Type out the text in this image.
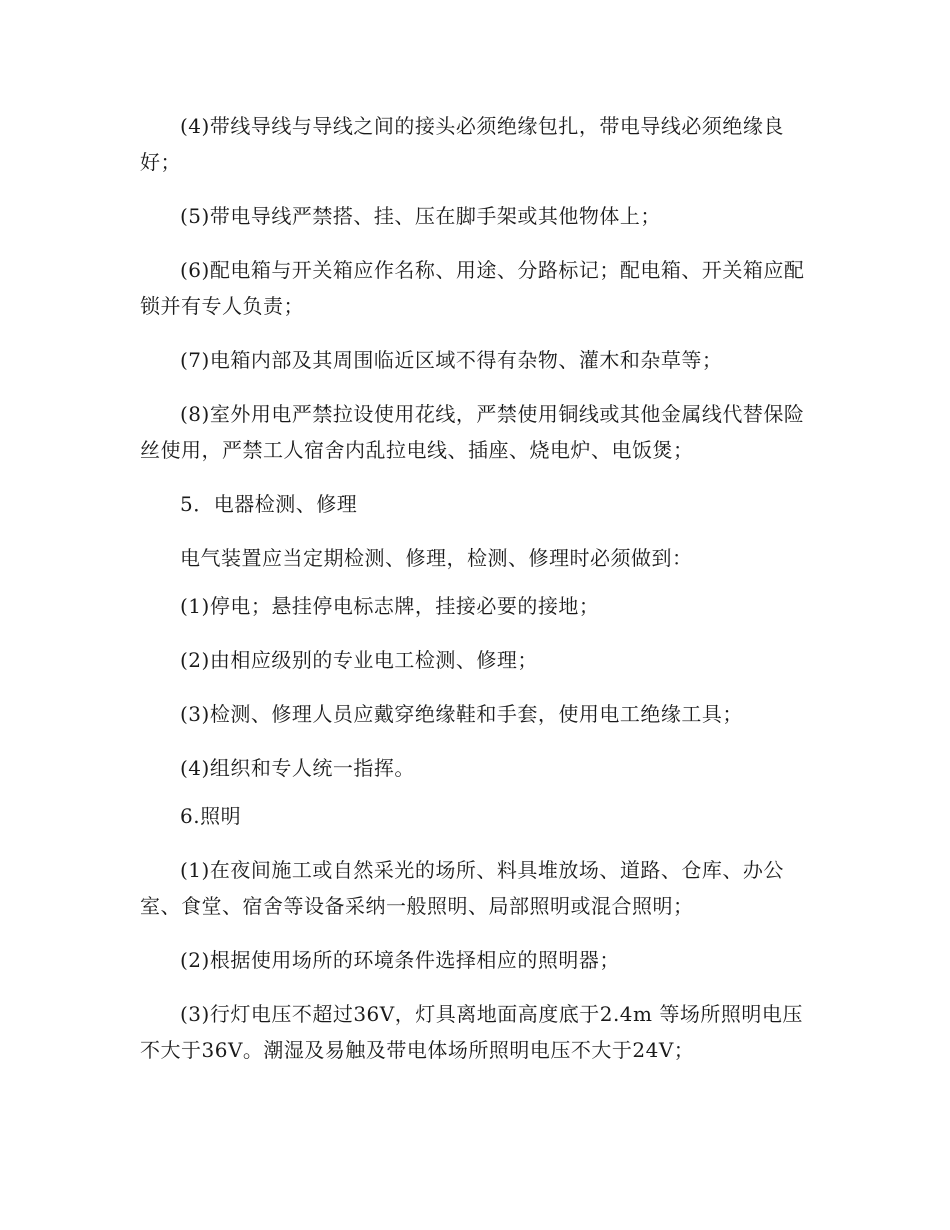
(4)带线导线与导线之间的接头必须绝缘包扎，带电导线必须绝缘良好；

(5)带电导线严禁搭、挂、压在脚手架或其他物体上；

(6)配电箱与开关箱应作名称、用途、分路标记；配电箱、开关箱应配锁并有专人负责；

(7)电箱内部及其周围临近区域不得有杂物、灌木和杂草等；

(8)室外用电严禁拉设使用花线，严禁使用铜线或其他金属线代替保险丝使用，严禁工人宿舍内乱拉电线、插座、烧电炉、电饭煲；

5．电器检测、修理

电气装置应当定期检测、修理，检测、修理时必须做到：

(1)停电；悬挂停电标志牌，挂接必要的接地；

(2)由相应级别的专业电工检测、修理；

(3)检测、修理人员应戴穿绝缘鞋和手套，使用电工绝缘工具；

(4)组织和专人统一指挥。

6.照明

(1)在夜间施工或自然采光的场所、料具堆放场、道路、仓库、办公室、食堂、宿舍等设备采纳一般照明、局部照明或混合照明；

(2)根据使用场所的环境条件选择相应的照明器；

(3)行灯电压不超过36V，灯具离地面高度底于2.4m 等场所照明电压不大于36V。潮湿及易触及带电体场所照明电压不大于24V；
